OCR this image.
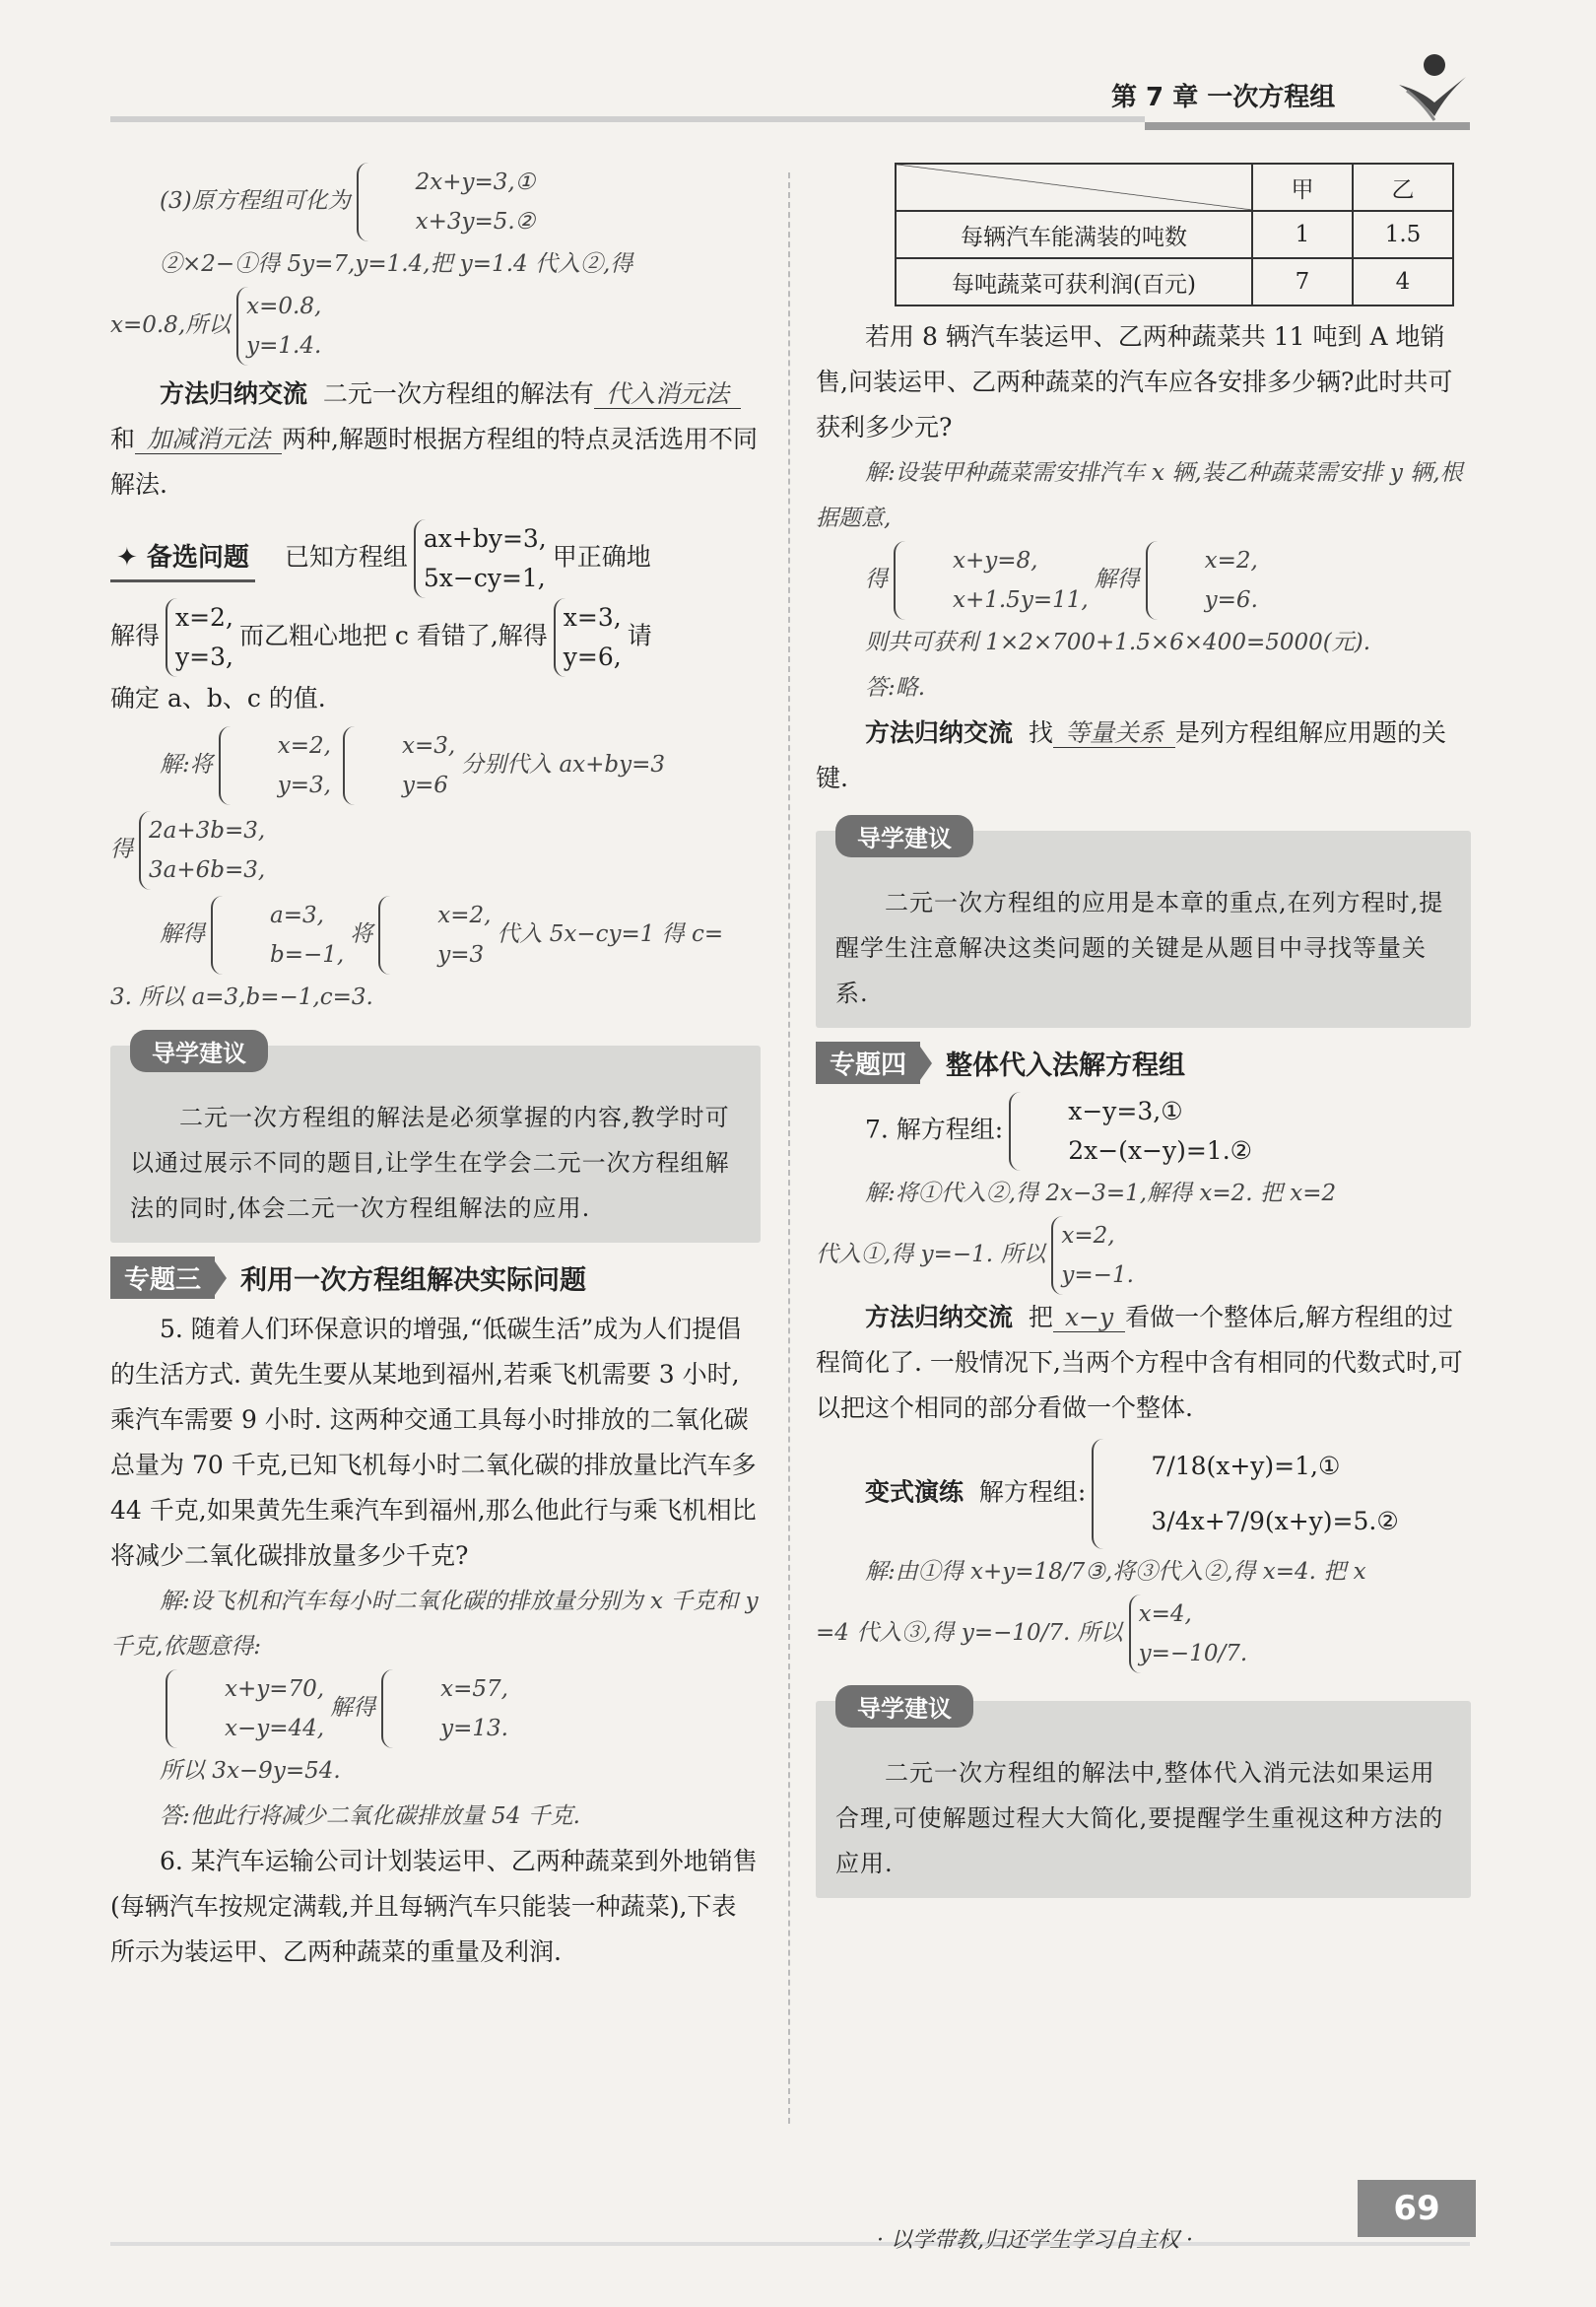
第 7 章 一次方程组

(3)原方程组可化为
2x+y=3,①
x+3y=5.②

②×2−①得 5y=7,y=1.4,把 y=1.4 代入②,得

x=0.8,所以
x=0.8,
y=1.4.

方法归纳交流 二元一次方程组的解法有 代入消元法和 加减消元法 两种,解题时根据方程组的特点灵活选用不同解法.

✦ 备选问题 已知方程组
ax+by=3,
5x−cy=1,
甲正确地
解得
x=2,
y=3,
而乙粗心地把 c 看错了,解得
x=3,
y=6,
请
确定 a、b、c 的值.

解:将
x=2,
y=3,
x=3,
y=6
分别代入 ax+by=3

得
2a+3b=3,
3a+6b=3,

解得
a=3,
b=−1,
将
x=2,
y=3
代入 5x−cy=1 得 c=

3. 所以 a=3,b=−1,c=3.

导学建议
二元一次方程组的解法是必须掌握的内容,教学时可以通过展示不同的题目,让学生在学会二元一次方程组解法的同时,体会二元一次方程组解法的应用.
专题三	利用一次方程组解决实际问题

5. 随着人们环保意识的增强,“低碳生活”成为人们提倡的生活方式. 黄先生要从某地到福州,若乘飞机需要 3 小时,乘汽车需要 9 小时. 这两种交通工具每小时排放的二氧化碳总量为 70 千克,已知飞机每小时二氧化碳的排放量比汽车多 44 千克,如果黄先生乘汽车到福州,那么他此行与乘飞机相比将减少二氧化碳排放量多少千克?

解:设飞机和汽车每小时二氧化碳的排放量分别为 x 千克和 y 千克,依题意得:

x+y=70,
x−y=44,
解得
x=57,
y=13.

所以 3x−9y=54.

答:他此行将减少二氧化碳排放量 54 千克.

6. 某汽车运输公司计划装运甲、乙两种蔬菜到外地销售(每辆汽车按规定满载,并且每辆汽车只能装一种蔬菜),下表所示为装运甲、乙两种蔬菜的重量及利润.

	甲	乙
每辆汽车能满装的吨数	1	1.5
每吨蔬菜可获利润(百元)	7	4

若用 8 辆汽车装运甲、乙两种蔬菜共 11 吨到 A 地销售,问装运甲、乙两种蔬菜的汽车应各安排多少辆?此时共可获利多少元?

解:设装甲种蔬菜需安排汽车 x 辆,装乙种蔬菜需安排 y 辆,根据题意,

得
x+y=8,
x+1.5y=11,
解得
x=2,
y=6.

则共可获利 1×2×700+1.5×6×400=5000(元).

答:略.

方法归纳交流 找 等量关系 是列方程组解应用题的关键.

导学建议
二元一次方程组的应用是本章的重点,在列方程时,提醒学生注意解决这类问题的关键是从题目中寻找等量关系.
专题四	整体代入法解方程组

7. 解方程组:
x−y=3,①
2x−(x−y)=1.②

解:将①代入②,得 2x−3=1,解得 x=2. 把 x=2

代入①,得 y=−1. 所以
x=2,
y=−1.

方法归纳交流 把 x−y 看做一个整体后,解方程组的过程简化了. 一般情况下,当两个方程中含有相同的代数式时,可以把这个相同的部分看做一个整体.

变式演练 解方程组:
7/18(x+y)=1,①
3/4x+7/9(x+y)=5.②

解:由①得 x+y=18/7③,将③代入②,得 x=4. 把 x

=4 代入③,得 y=−10/7. 所以
x=4,
y=−10/7.

导学建议
二元一次方程组的解法中,整体代入消元法如果运用合理,可使解题过程大大简化,要提醒学生重视这种方法的应用.
· 以学带教,归还学生学习自主权 ·
69
